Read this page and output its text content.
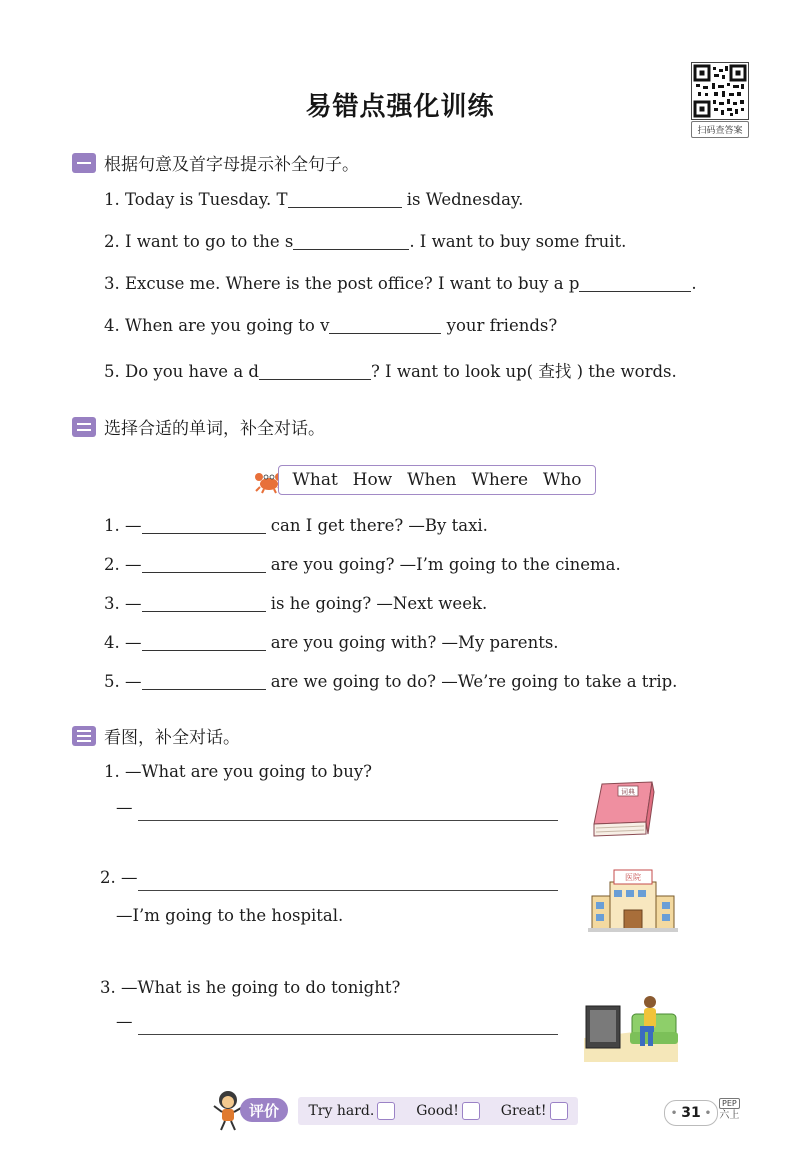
易错点强化训练
扫码查答案
根据句意及首字母提示补全句子。
1. Today is Tuesday. T	is Wednesday.
2. I want to go to the s	. I want to buy some fruit.
3. Excuse me. Where is the post office? I want to buy a p	.
4. When are you going to v	your friends?
5. Do you have a d	? I want to look up( 查找 ) the words.
选择合适的单词，补全对话。
What How When Where Who
1. —	can I get there? —By taxi.
2. —	are you going? —I’m going to the cinema.
3. —	is he going? —Next week.
4. —	are you going with? —My parents.
5. —	are we going to do? —We’re going to take a trip.
看图，补全对话。
1. —What are you going to buy?
—
词典
2. —
—I’m going to the hospital.
医院
3. —What is he going to do tonight?
—
评价	Try hard.	Good!	Great!	• 31 •
PEP
六上
